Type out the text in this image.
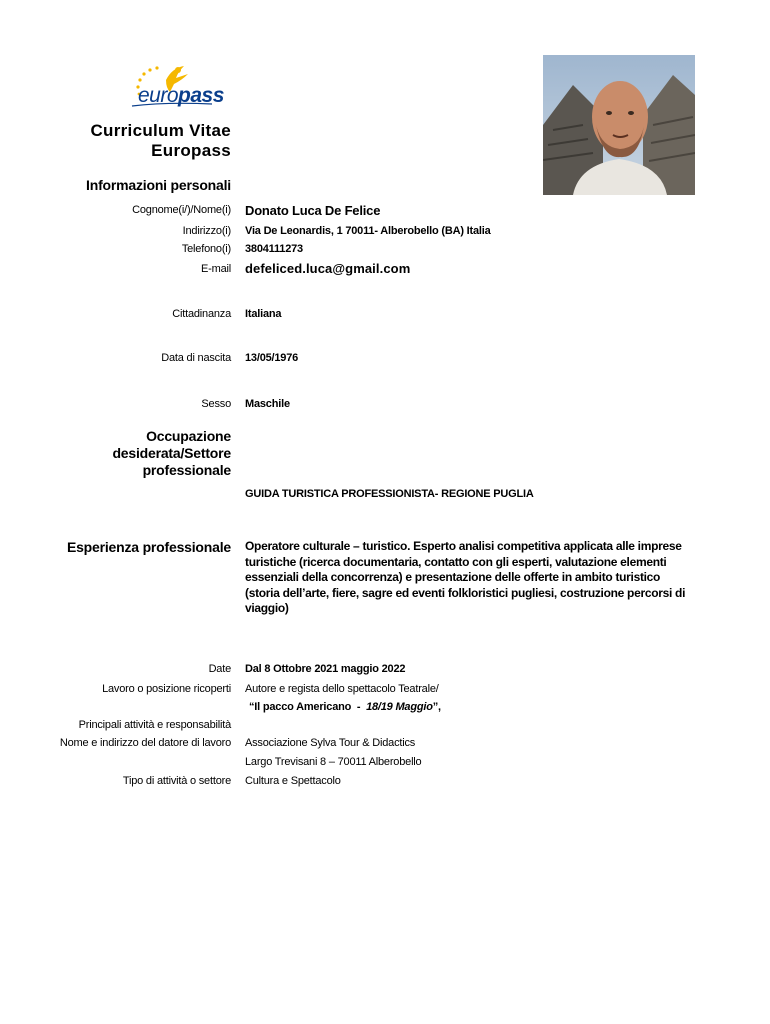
europass
Curriculum Vitae
Europass
Informazioni personali
Cognome(i/)/Nome(i) Donato Luca De Felice
Indirizzo(i) Via De Leonardis, 1 70011- Alberobello (BA) Italia
Telefono(i) 3804111273
E-mail defeliced.luca@gmail.com
Cittadinanza Italiana
Data di nascita 13/05/1976
Sesso Maschile
Occupazione
desiderata/Settore
professionale
GUIDA TURISTICA PROFESSIONISTA- REGIONE PUGLIA
Esperienza professionale Operatore culturale – turistico. Esperto analisi competitiva applicata alle imprese
turistiche (ricerca documentaria, contatto con gli esperti, valutazione elementi
essenziali della concorrenza) e presentazione delle offerte in ambito turistico
(storia dell’arte, fiere, sagre ed eventi folkloristici pugliesi, costruzione percorsi di
viaggio)
Date Dal 8 Ottobre 2021 maggio 2022
Lavoro o posizione ricoperti Autore e regista dello spettacolo Teatrale/
“Il pacco Americano  -  18/19 Maggio”,
Principali attività e responsabilità
Nome e indirizzo del datore di lavoro Associazione Sylva Tour & Didactics
Largo Trevisani 8 – 70011 Alberobello
Tipo di attività o settore Cultura e Spettacolo
